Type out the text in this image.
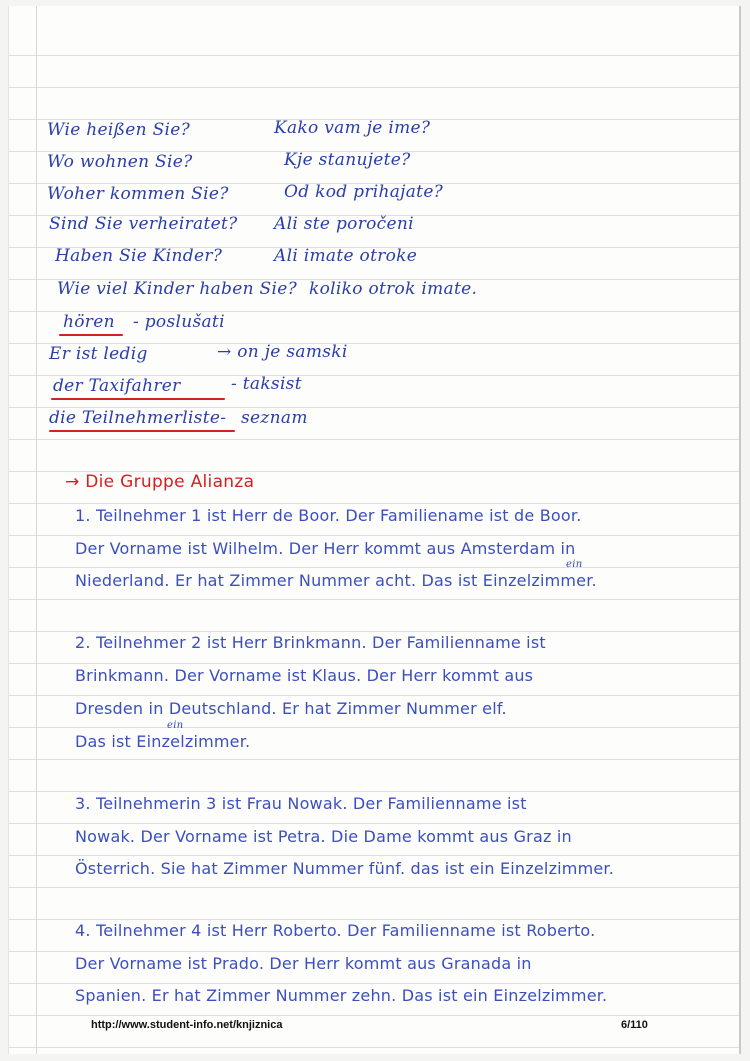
Wie heißen Sie?	Kako vam je ime?
Wo wohnen Sie?	Kje stanujete?
Woher kommen Sie?	Od kod prihajate?
Sind Sie verheiratet? Ali ste poročeni
Haben Sie Kinder?	Ali imate otroke
Wie viel Kinder haben Sie? koliko otrok imate.
hören - poslušati
Er ist ledig	→ on je samski
der Taxifahrer	- taksist
die Teilnehmerliste- seznam
→ Die Gruppe Alianza
1. Teilnehmer 1 ist Herr de Boor. Der Familiename ist de Boor.
Der Vorname ist Wilhelm. Der Herr kommt aus Amsterdam in
ein
Niederland. Er hat Zimmer Nummer acht. Das ist Einzelzimmer.
2. Teilnehmer 2 ist Herr Brinkmann. Der Familienname ist
Brinkmann. Der Vorname ist Klaus. Der Herr kommt aus
Dresden in Deutschland. Er hat Zimmer Nummer elf.
ein
Das ist Einzelzimmer.
3. Teilnehmerin 3 ist Frau Nowak. Der Familienname ist
Nowak. Der Vorname ist Petra. Die Dame kommt aus Graz in
Österrich. Sie hat Zimmer Nummer fünf. das ist ein Einzelzimmer.
4. Teilnehmer 4 ist Herr Roberto. Der Familienname ist Roberto.
Der Vorname ist Prado. Der Herr kommt aus Granada in
Spanien. Er hat Zimmer Nummer zehn. Das ist ein Einzelzimmer.
http://www.student-info.net/knjiznica	6/110
